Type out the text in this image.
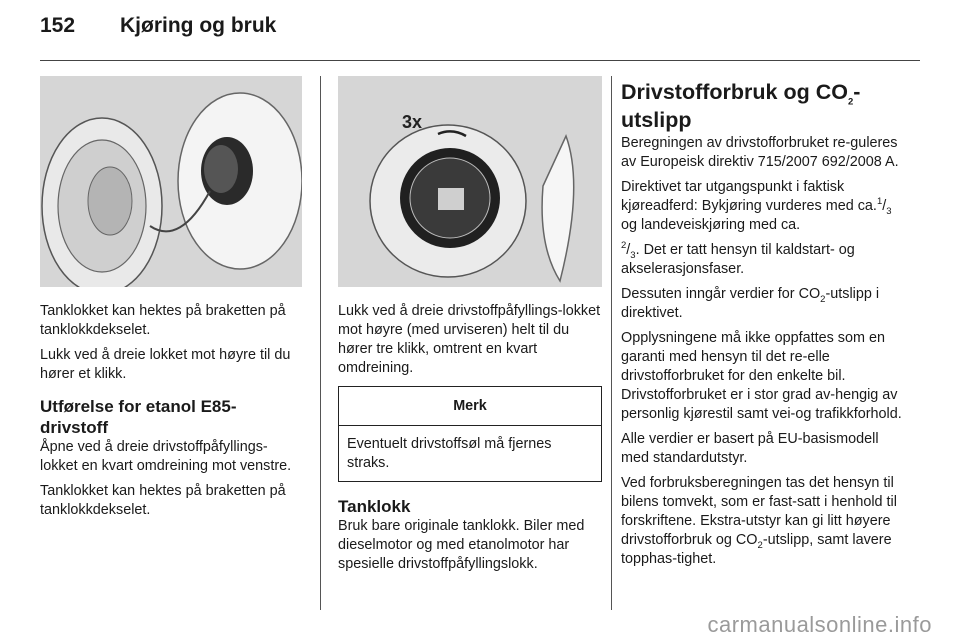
152 Kjøring og bruk

Tanklokket kan hektes på braketten på tanklokkdekselet.

Lukk ved å dreie lokket mot høyre til du hører et klikk.

Utførelse for etanol E85-drivstoff

Åpne ved å dreie drivstoffpåfyllings-lokket en kvart omdreining mot venstre.

Tanklokket kan hektes på braketten på tanklokkdekselet.

3x

Lukk ved å dreie drivstoffpåfyllings-lokket mot høyre (med urviseren) helt til du hører tre klikk, omtrent en kvart omdreining.

Merk
Eventuelt drivstoffsøl må fjernes straks.
Tanklokk

Bruk bare originale tanklokk. Biler med dieselmotor og med etanolmotor har spesielle drivstoffpåfyllingslokk.

Drivstofforbruk og $CO_2$-utslipp

Beregningen av drivstofforbruket re-guleres av Europeisk direktiv 715/2007 692/2008 A.

Direktivet tar utgangspunkt i faktisk kjøreadferd: Bykjøring vurderes med $ca.^1/_3$ og landeveiskjøring med ca.

$^2/_3$. Det er tatt hensyn til kaldstart- og akselerasjonsfaser.

Dessuten inngår verdier for $CO_2$-utslipp i direktivet.

Opplysningene må ikke oppfattes som en garanti med hensyn til det re-elle drivstofforbruket for den enkelte bil. Drivstofforbruket er i stor grad av-hengig av personlig kjørestil samt vei-og trafikkforhold.

Alle verdier er basert på EU-basismodell med standardutstyr.

Ved forbruksberegningen tas det hensyn til bilens tomvekt, som er fast-satt i henhold til forskriftene. Ekstra-utstyr kan gi litt høyere drivstofforbruk og $CO_2$-utslipp, samt lavere topphas-tighet.

carmanualsonline.info
